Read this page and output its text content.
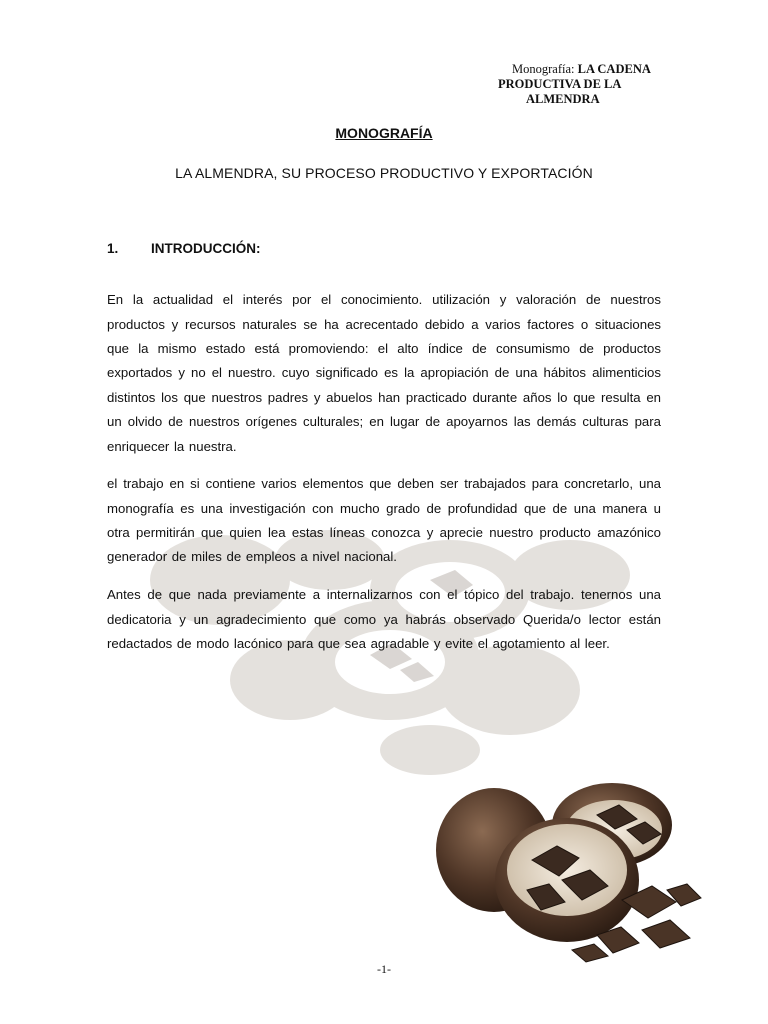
Monografía: LA CADENA
PRODUCTIVA DE LA
ALMENDRA
MONOGRAFÍA
LA ALMENDRA, SU PROCESO PRODUCTIVO Y EXPORTACIÓN
1. INTRODUCCIÓN:

En la actualidad el interés por el conocimiento. utilización y valoración de nuestros productos y recursos naturales se ha acrecentado debido a varios factores o situaciones que la mismo estado está promoviendo: el alto índice de consumismo de productos exportados y no el nuestro. cuyo significado es la apropiación de una hábitos alimenticios distintos los que nuestros padres y abuelos han practicado durante años lo que resulta en un olvido de nuestros orígenes culturales; en lugar de apoyarnos las demás culturas para enriquecer la nuestra.

el trabajo en si contiene varios elementos que deben ser trabajados para concretarlo, una monografía es una investigación con mucho grado de profundidad que de una manera u otra permitirán que quien lea estas líneas conozca y aprecie nuestro producto amazónico generador de miles de empleos a nivel nacional.

Antes de que nada previamente a internalizarnos con el tópico del trabajo. tenernos una dedicatoria y un agradecimiento que como ya habrás observado Querida/o lector están redactados de modo lacónico para que sea agradable y evite el agotamiento al leer.

-1-
